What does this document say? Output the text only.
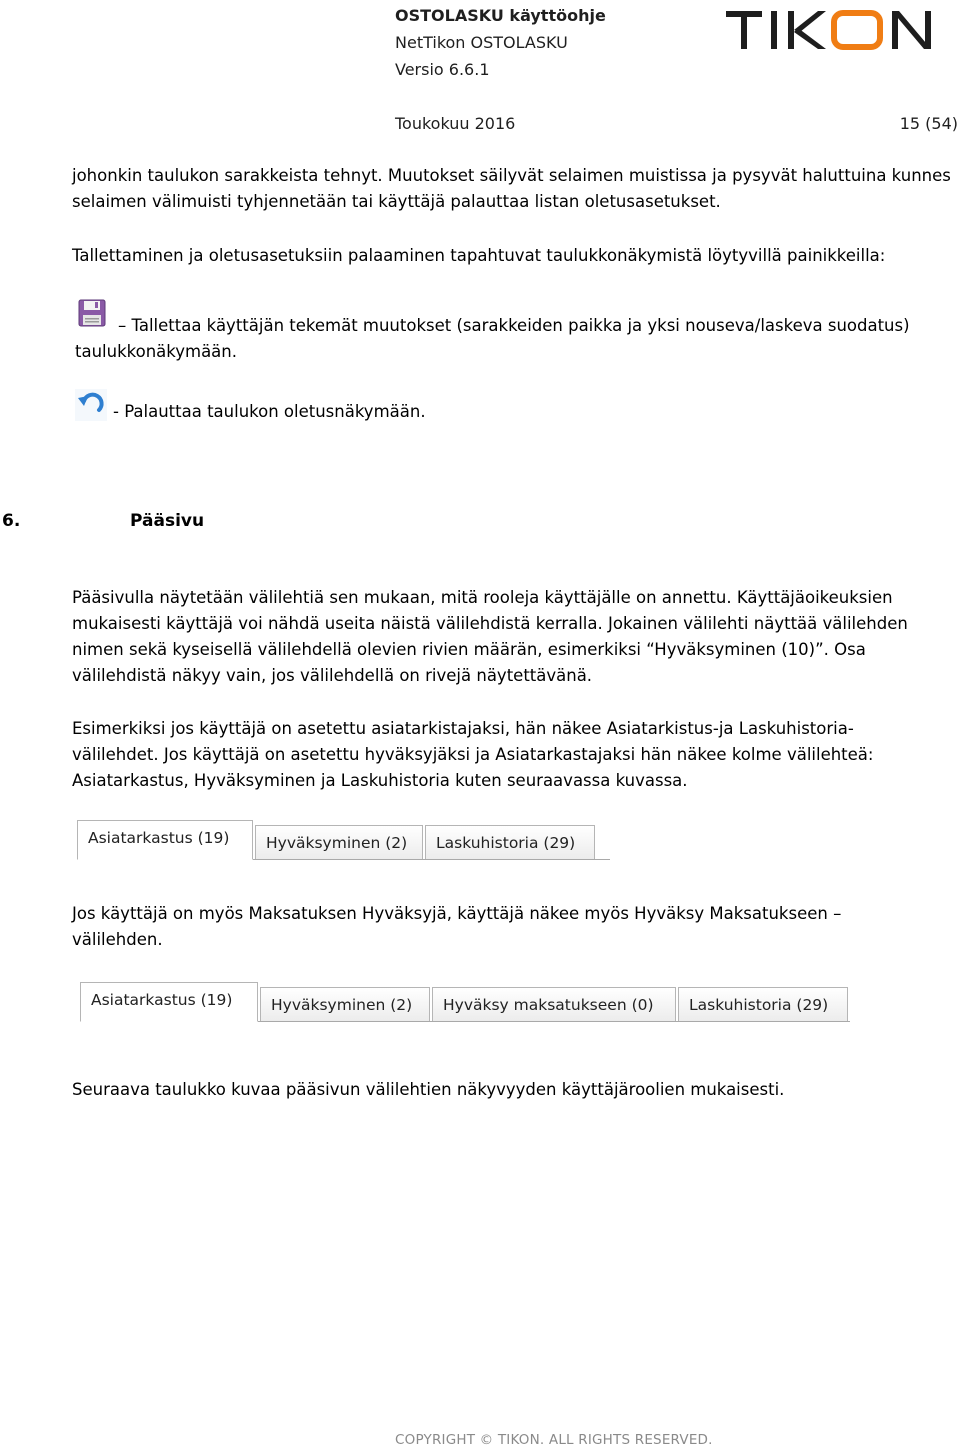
OSTOLASKU käyttöohje
NetTikon OSTOLASKU
Versio 6.6.1
Toukokuu 2016	15 (54)
johonkin taulukon sarakkeista tehnyt. Muutokset säilyvät selaimen muistissa ja pysyvät haluttuina kunnes selaimen välimuisti tyhjennetään tai käyttäjä palauttaa listan oletusasetukset.
Tallettaminen ja oletusasetuksiin palaaminen tapahtuvat taulukkonäkymistä löytyvillä painikkeilla:
– Tallettaa käyttäjän tekemät muutokset (sarakkeiden paikka ja yksi nouseva/laskeva suodatus)
taulukkonäkymään.
- Palauttaa taulukon oletusnäkymään.
6.	Pääsivu
Pääsivulla näytetään välilehtiä sen mukaan, mitä rooleja käyttäjälle on annettu. Käyttäjäoikeuksien mukaisesti käyttäjä voi nähdä useita näistä välilehdistä kerralla. Jokainen välilehti näyttää välilehden nimen sekä kyseisellä välilehdellä olevien rivien määrän, esimerkiksi “Hyväksyminen (10)”. Osa välilehdistä näkyy vain, jos välilehdellä on rivejä näytettävänä.
Esimerkiksi jos käyttäjä on asetettu asiatarkistajaksi, hän näkee Asiatarkistus-ja Laskuhistoria-välilehdet. Jos käyttäjä on asetettu hyväksyjäksi ja Asiatarkastajaksi hän näkee kolme välilehteä: Asiatarkastus, Hyväksyminen ja Laskuhistoria kuten seuraavassa kuvassa.
Asiatarkastus (19)	Hyväksyminen (2)	Laskuhistoria (29)
Jos käyttäjä on myös Maksatuksen Hyväksyjä, käyttäjä näkee myös Hyväksy Maksatukseen –välilehden.
Asiatarkastus (19)	Hyväksyminen (2)	Hyväksy maksatukseen (0)	Laskuhistoria (29)
Seuraava taulukko kuvaa pääsivun välilehtien näkyvyyden käyttäjäroolien mukaisesti.
COPYRIGHT © TIKON. ALL RIGHTS RESERVED.
